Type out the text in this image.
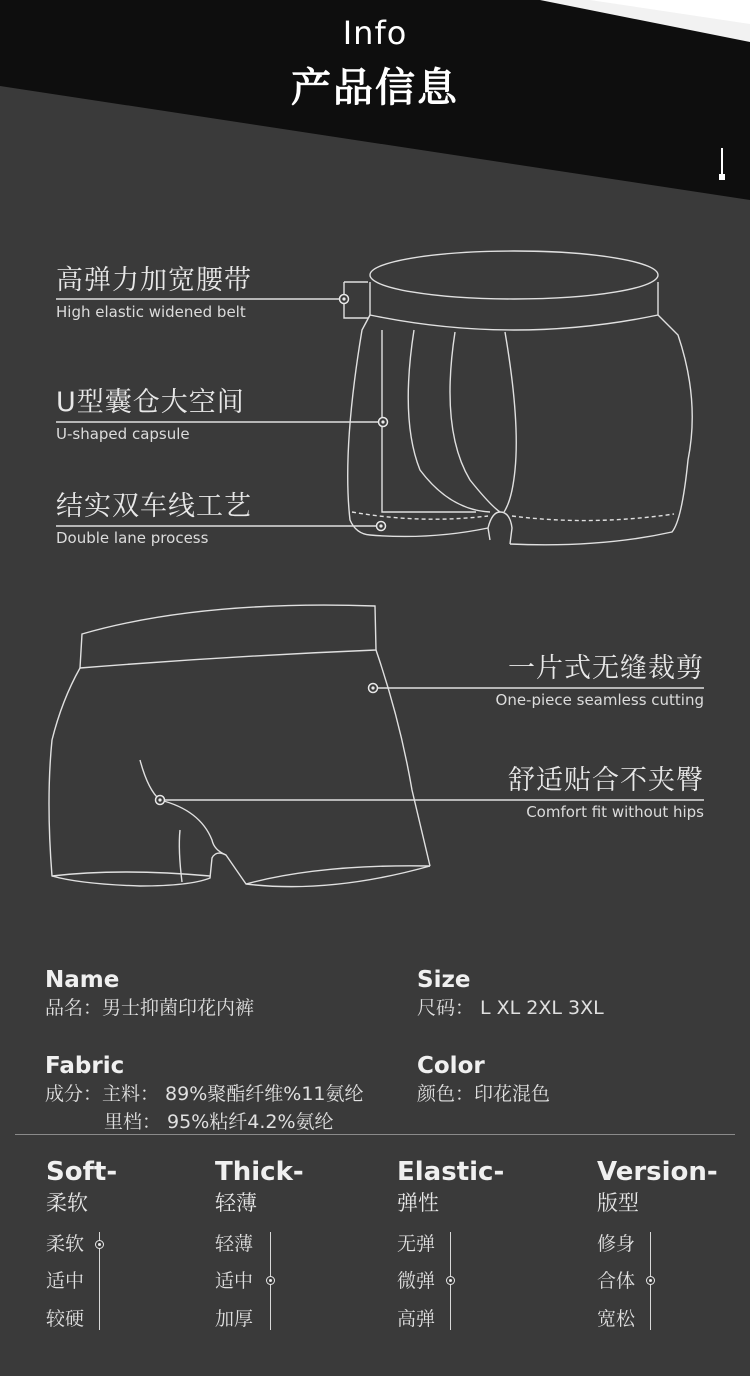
Info
产品信息
高弹力加宽腰带
High elastic widened belt
U型囊仓大空间
U-shaped capsule
结实双车线工艺
Double lane process
一片式无缝裁剪
One-piece seamless cutting
舒适贴合不夹臀
Comfort fit without hips
Name
品名：男士抑菌印花内裤
Size
尺码： L XL 2XL 3XL
Fabric
成分：主料： 89%聚酯纤维%11氨纶
里档： 95%粘纤4.2%氨纶
Color
颜色：印花混色
Soft-
柔软
柔软
适中
较硬
Thick-
轻薄
轻薄
适中
加厚
Elastic-
弹性
无弹
微弹
高弹
Version-
版型
修身
合体
宽松
